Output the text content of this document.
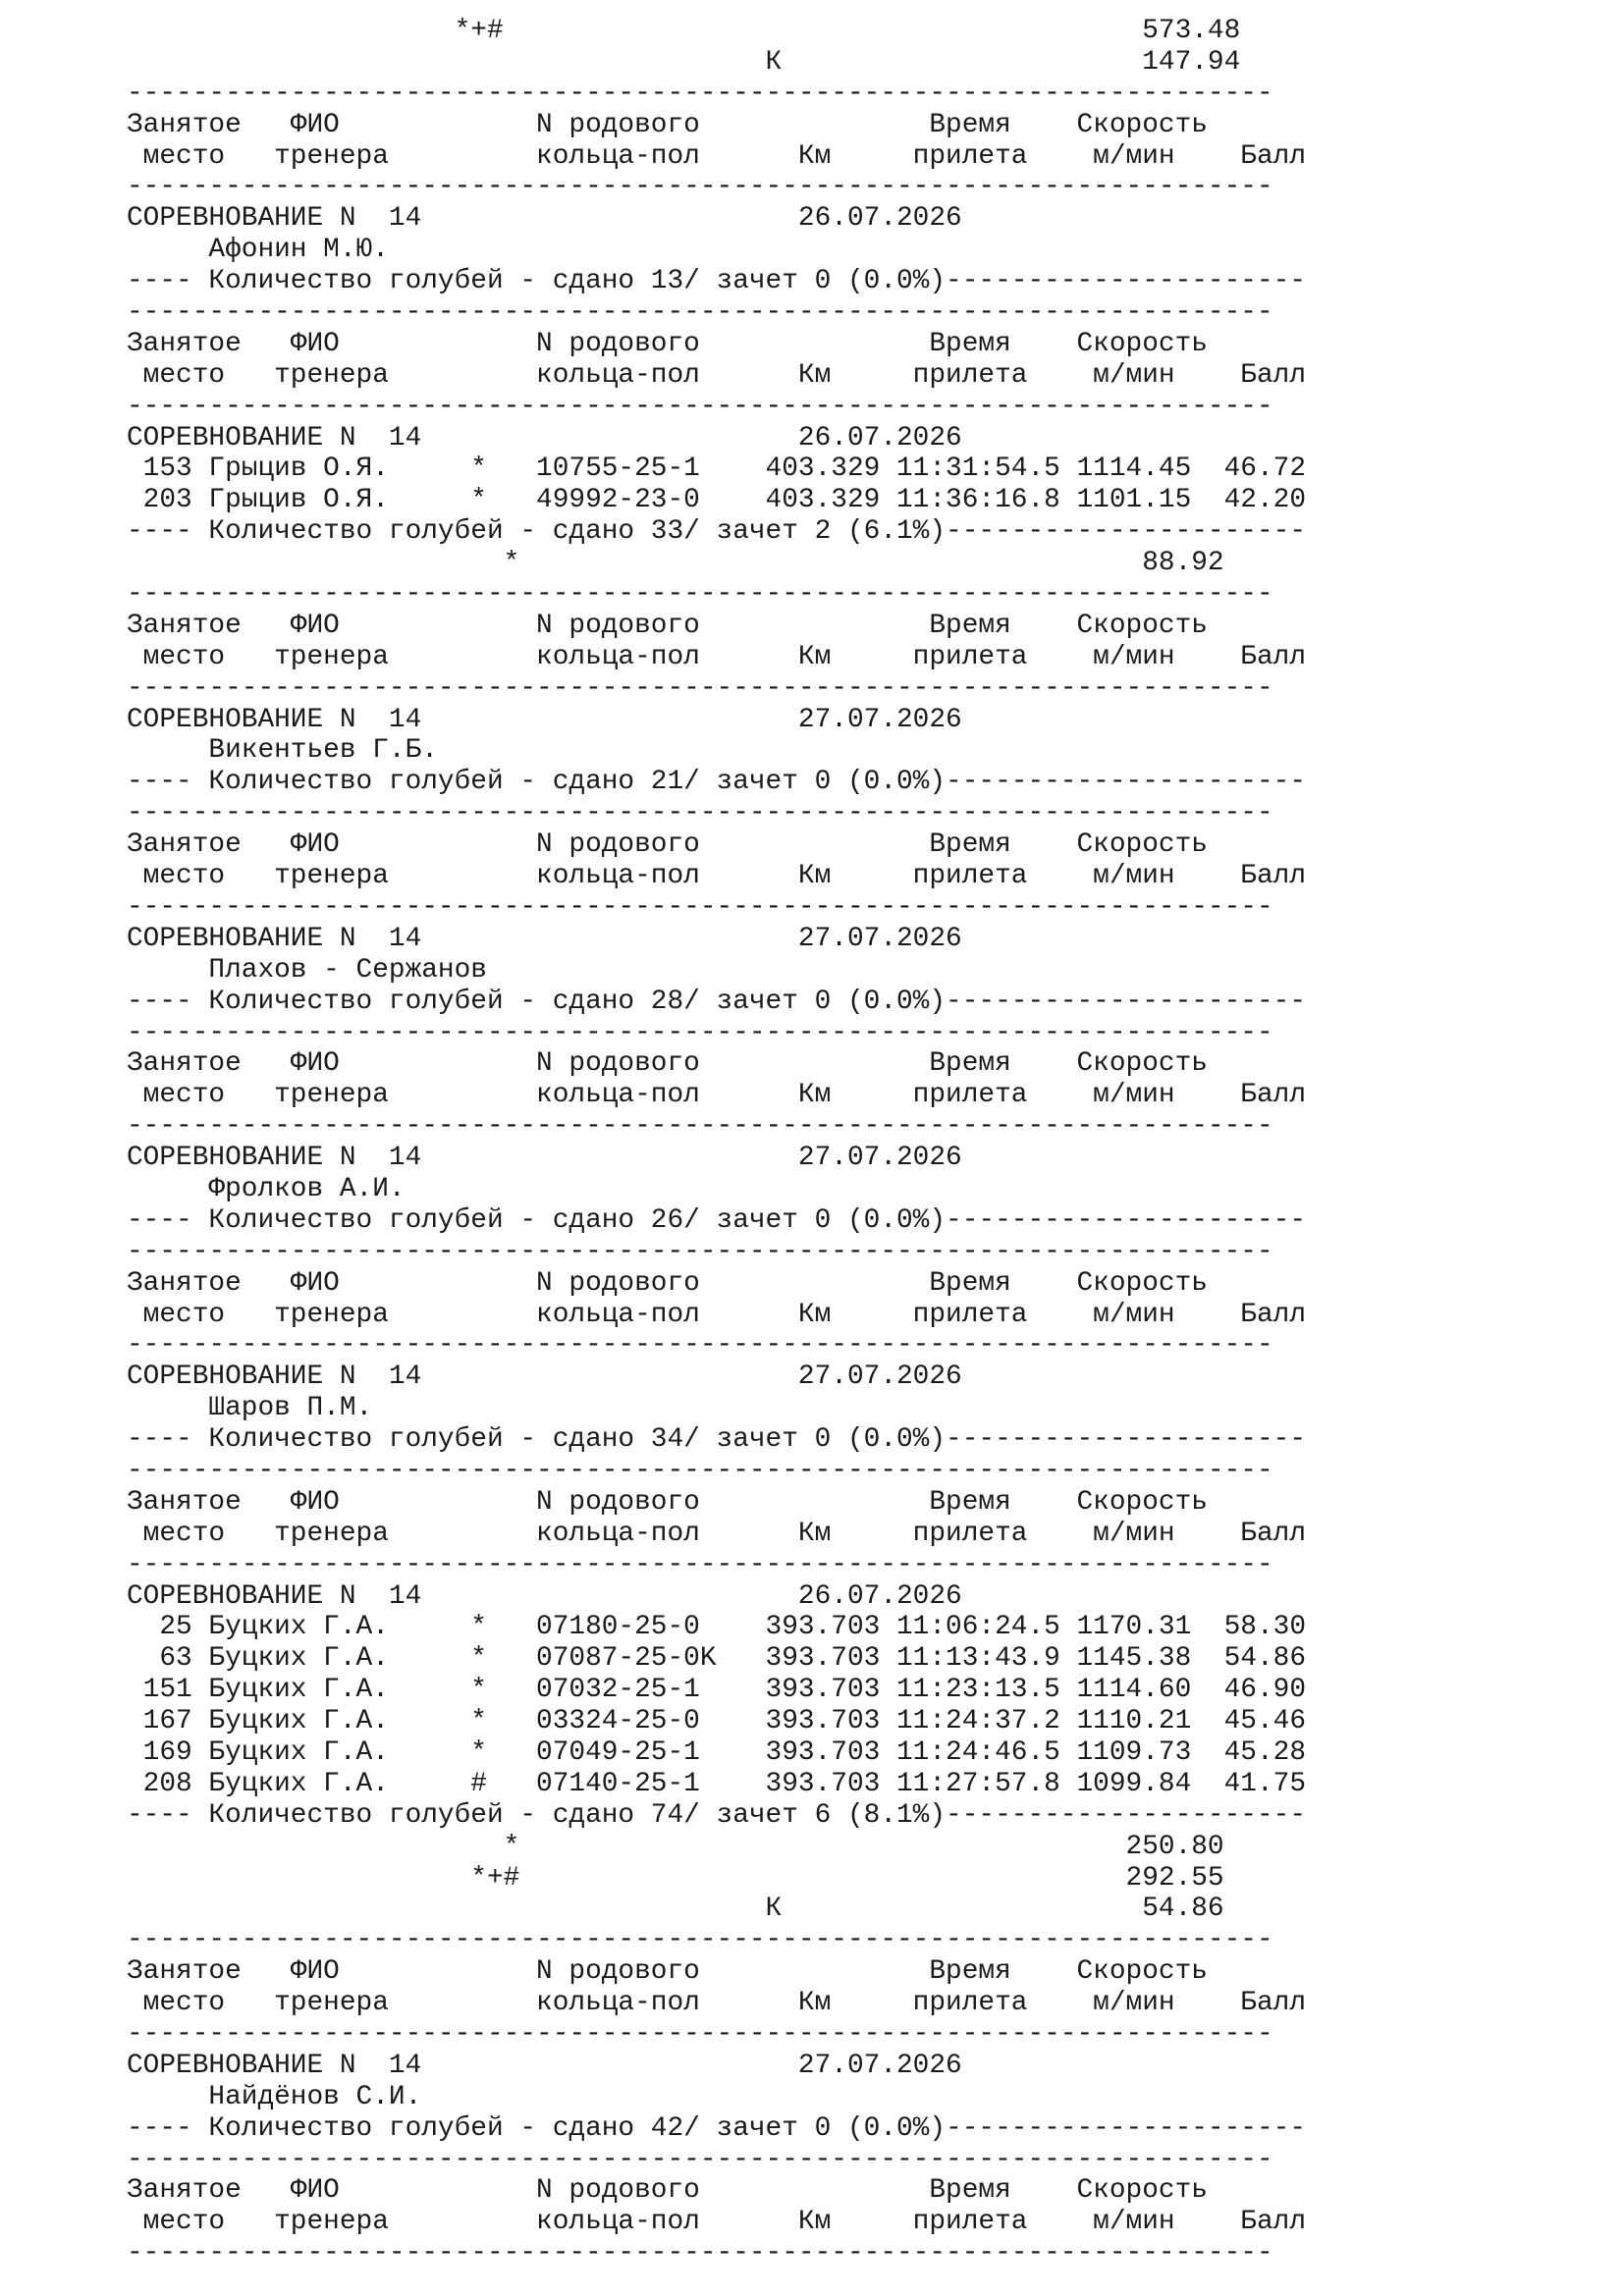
*+#                                       573.48
К                      147.94
----------------------------------------------------------------------
Занятое   ФИО            N родового              Время    Скорость
место   тренера         кольца-пол      Км     прилета    м/мин    Балл
----------------------------------------------------------------------
СОРЕВНОВАНИЕ N  14                       26.07.2026
Афонин М.Ю.
---- Количество голубей - сдано 13/ зачет 0 (0.0%)----------------------
----------------------------------------------------------------------
Занятое   ФИО            N родового              Время    Скорость
место   тренера         кольца-пол      Км     прилета    м/мин    Балл
----------------------------------------------------------------------
СОРЕВНОВАНИЕ N  14                       26.07.2026
153 Грыцив О.Я.     *   10755-25-1    403.329 11:31:54.5 1114.45  46.72
203 Грыцив О.Я.     *   49992-23-0    403.329 11:36:16.8 1101.15  42.20
---- Количество голубей - сдано 33/ зачет 2 (6.1%)----------------------
*                                      88.92
----------------------------------------------------------------------
Занятое   ФИО            N родового              Время    Скорость
место   тренера         кольца-пол      Км     прилета    м/мин    Балл
----------------------------------------------------------------------
СОРЕВНОВАНИЕ N  14                       27.07.2026
Викентьев Г.Б.
---- Количество голубей - сдано 21/ зачет 0 (0.0%)----------------------
----------------------------------------------------------------------
Занятое   ФИО            N родового              Время    Скорость
место   тренера         кольца-пол      Км     прилета    м/мин    Балл
----------------------------------------------------------------------
СОРЕВНОВАНИЕ N  14                       27.07.2026
Плахов - Сержанов
---- Количество голубей - сдано 28/ зачет 0 (0.0%)----------------------
----------------------------------------------------------------------
Занятое   ФИО            N родового              Время    Скорость
место   тренера         кольца-пол      Км     прилета    м/мин    Балл
----------------------------------------------------------------------
СОРЕВНОВАНИЕ N  14                       27.07.2026
Фролков А.И.
---- Количество голубей - сдано 26/ зачет 0 (0.0%)----------------------
----------------------------------------------------------------------
Занятое   ФИО            N родового              Время    Скорость
место   тренера         кольца-пол      Км     прилета    м/мин    Балл
----------------------------------------------------------------------
СОРЕВНОВАНИЕ N  14                       27.07.2026
Шаров П.М.
---- Количество голубей - сдано 34/ зачет 0 (0.0%)----------------------
----------------------------------------------------------------------
Занятое   ФИО            N родового              Время    Скорость
место   тренера         кольца-пол      Км     прилета    м/мин    Балл
----------------------------------------------------------------------
СОРЕВНОВАНИЕ N  14                       26.07.2026
25 Буцких Г.А.     *   07180-25-0    393.703 11:06:24.5 1170.31  58.30
63 Буцких Г.А.     *   07087-25-0K   393.703 11:13:43.9 1145.38  54.86
151 Буцких Г.А.     *   07032-25-1    393.703 11:23:13.5 1114.60  46.90
167 Буцких Г.А.     *   03324-25-0    393.703 11:24:37.2 1110.21  45.46
169 Буцких Г.А.     *   07049-25-1    393.703 11:24:46.5 1109.73  45.28
208 Буцких Г.А.     #   07140-25-1    393.703 11:27:57.8 1099.84  41.75
---- Количество голубей - сдано 74/ зачет 6 (8.1%)----------------------
*                                     250.80
*+#                                     292.55
К                      54.86
----------------------------------------------------------------------
Занятое   ФИО            N родового              Время    Скорость
место   тренера         кольца-пол      Км     прилета    м/мин    Балл
----------------------------------------------------------------------
СОРЕВНОВАНИЕ N  14                       27.07.2026
Найдёнов С.И.
---- Количество голубей - сдано 42/ зачет 0 (0.0%)----------------------
----------------------------------------------------------------------
Занятое   ФИО            N родового              Время    Скорость
место   тренера         кольца-пол      Км     прилета    м/мин    Балл
----------------------------------------------------------------------
